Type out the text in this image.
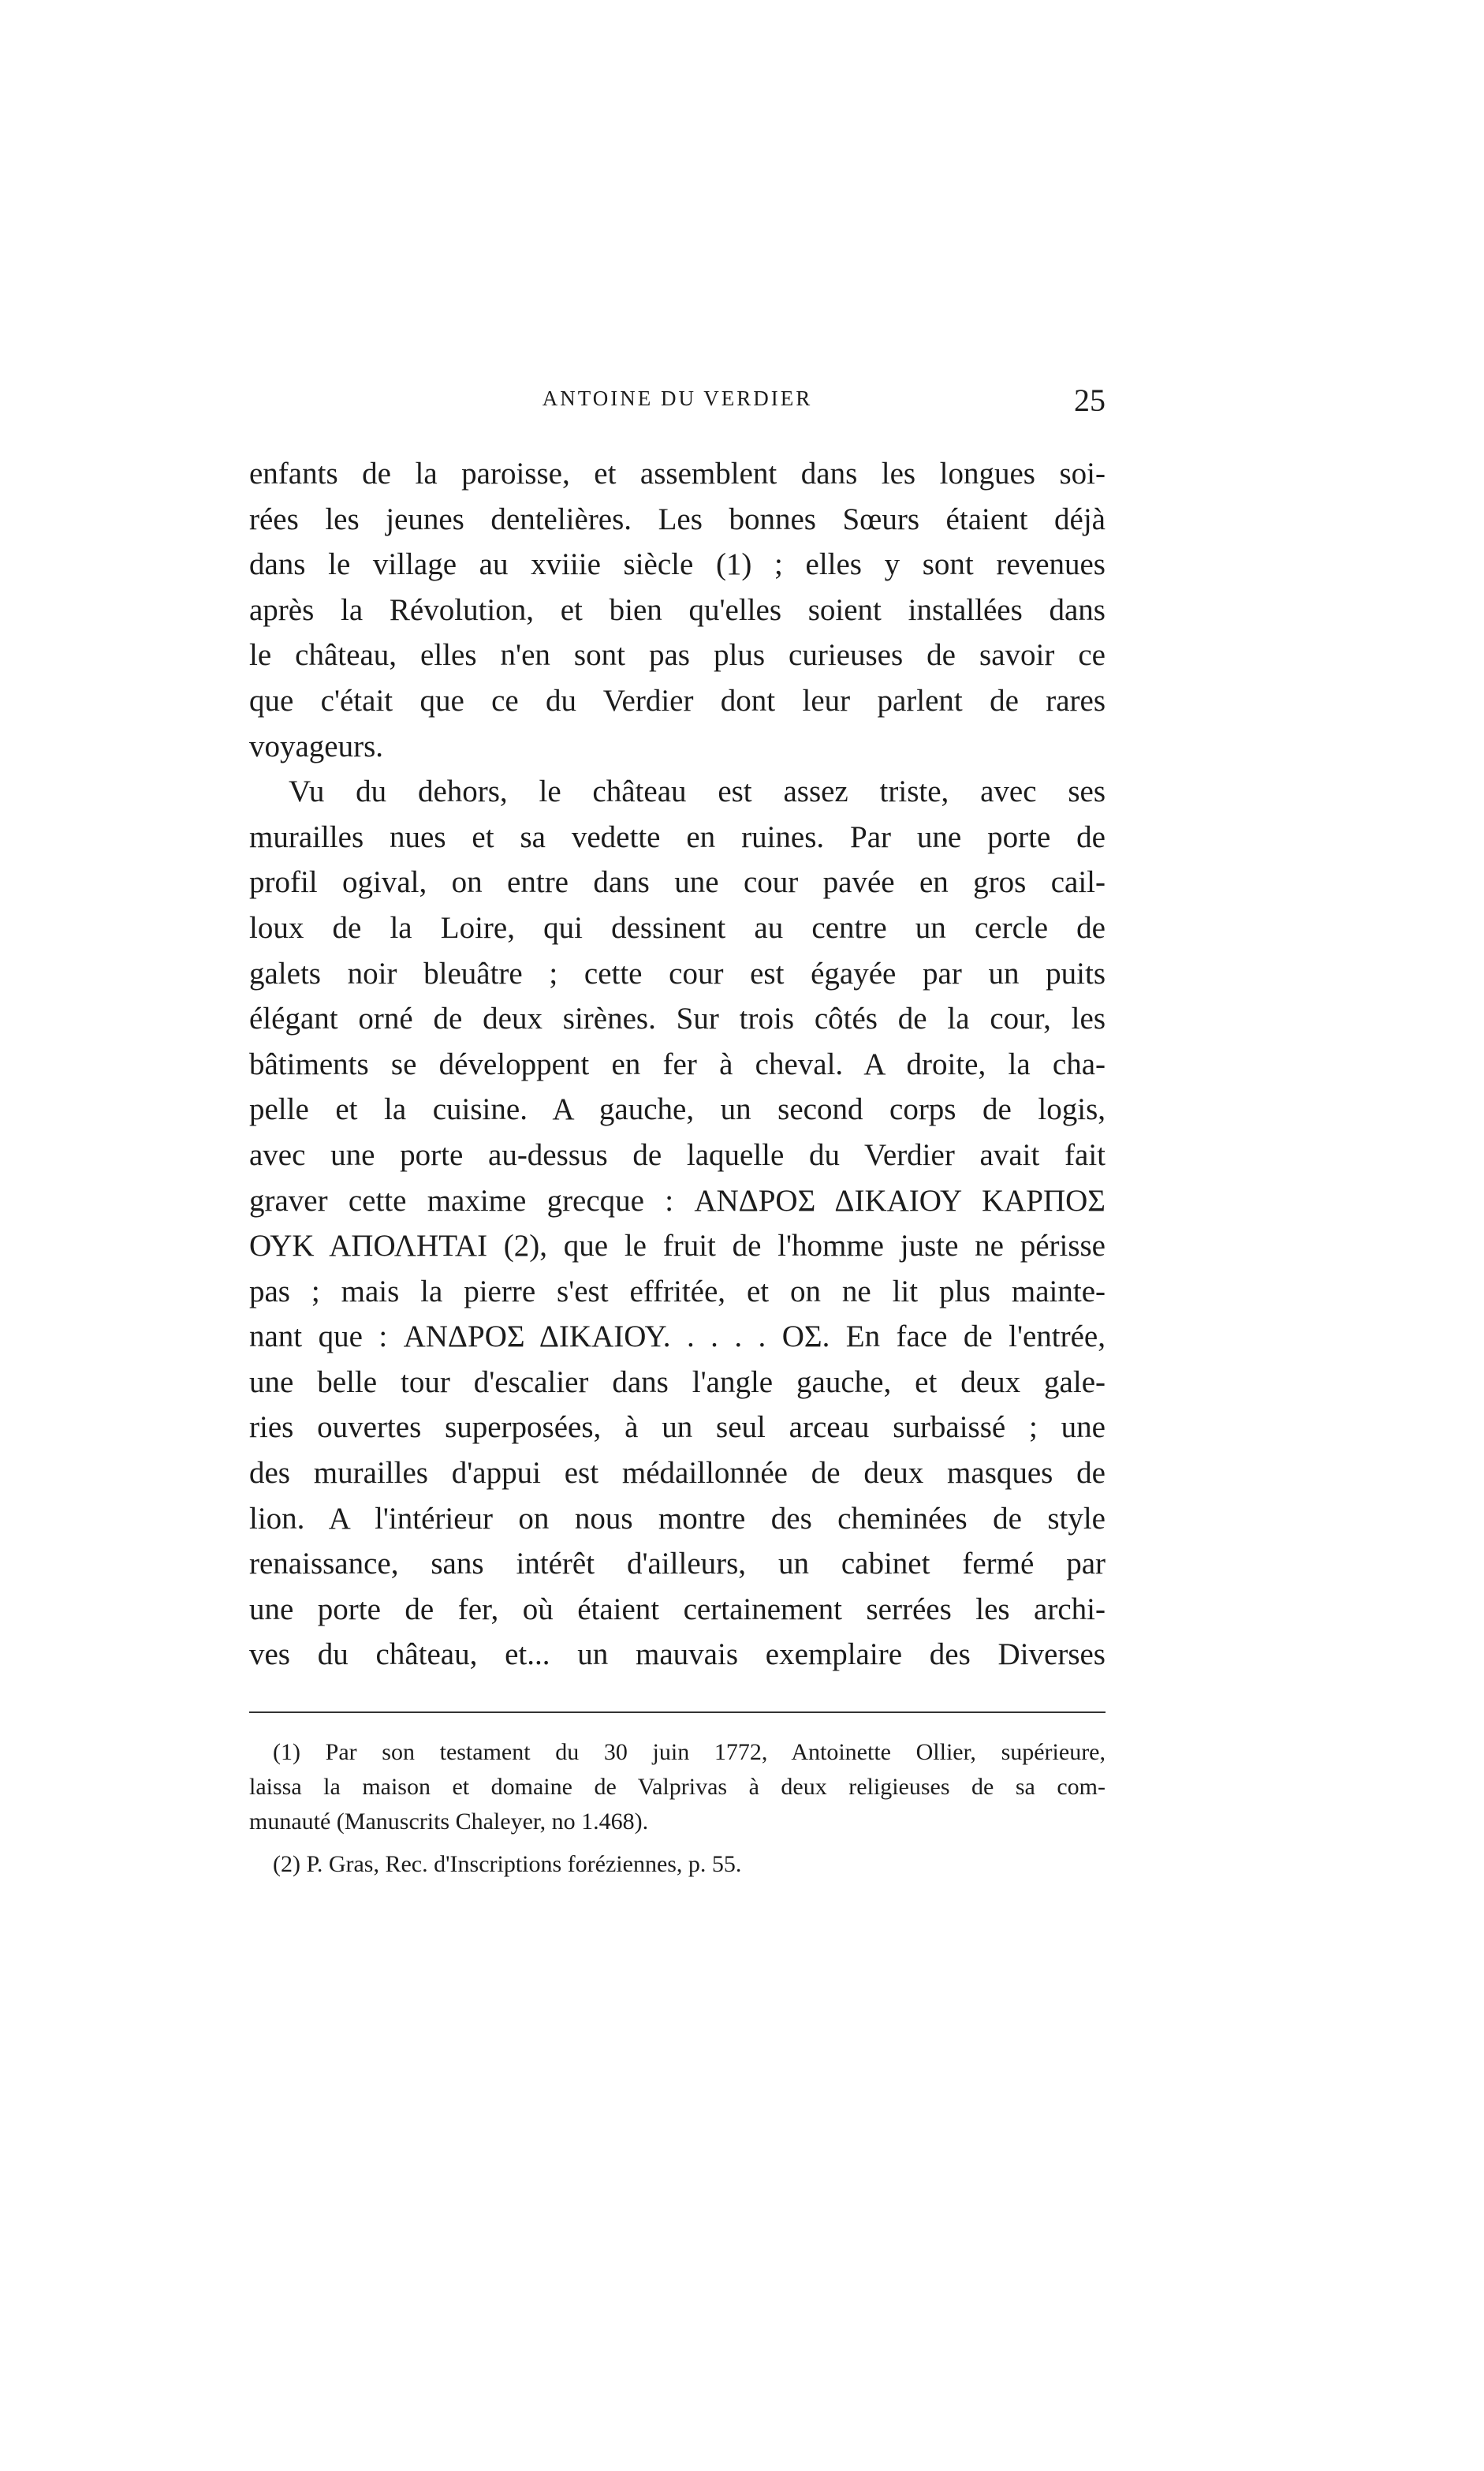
ANTOINE DU VERDIER	25
enfants de la paroisse, et assemblent dans les longues soi-
rées les jeunes dentelières. Les bonnes Sœurs étaient déjà
dans le village au xviiie siècle (1) ; elles y sont revenues
après la Révolution, et bien qu'elles soient installées dans
le château, elles n'en sont pas plus curieuses de savoir ce
que c'était que ce du Verdier dont leur parlent de rares
voyageurs.
Vu du dehors, le château est assez triste, avec ses
murailles nues et sa vedette en ruines. Par une porte de
profil ogival, on entre dans une cour pavée en gros cail-
loux de la Loire, qui dessinent au centre un cercle de
galets noir bleuâtre ; cette cour est égayée par un puits
élégant orné de deux sirènes. Sur trois côtés de la cour, les
bâtiments se développent en fer à cheval. A droite, la cha-
pelle et la cuisine. A gauche, un second corps de logis,
avec une porte au-dessus de laquelle du Verdier avait fait
graver cette maxime grecque : ΑΝΔΡΟΣ ΔΙΚΑΙΟΥ ΚΑΡΠΟΣ
ΟΥΚ ΑΠΟΛΗΤΑΙ (2), que le fruit de l'homme juste ne périsse
pas ; mais la pierre s'est effritée, et on ne lit plus mainte-
nant que : ΑΝΔΡΟΣ ΔΙΚΑΙΟΥ. . . . . ΟΣ. En face de l'entrée,
une belle tour d'escalier dans l'angle gauche, et deux gale-
ries ouvertes superposées, à un seul arceau surbaissé ; une
des murailles d'appui est médaillonnée de deux masques de
lion. A l'intérieur on nous montre des cheminées de style
renaissance, sans intérêt d'ailleurs, un cabinet fermé par
une porte de fer, où étaient certainement serrées les archi-
ves du château, et... un mauvais exemplaire des Diverses
(1) Par son testament du 30 juin 1772, Antoinette Ollier, supérieure,
laissa la maison et domaine de Valprivas à deux religieuses de sa com-
munauté (Manuscrits Chaleyer, no 1.468).
(2) P. Gras, Rec. d'Inscriptions foréziennes, p. 55.
